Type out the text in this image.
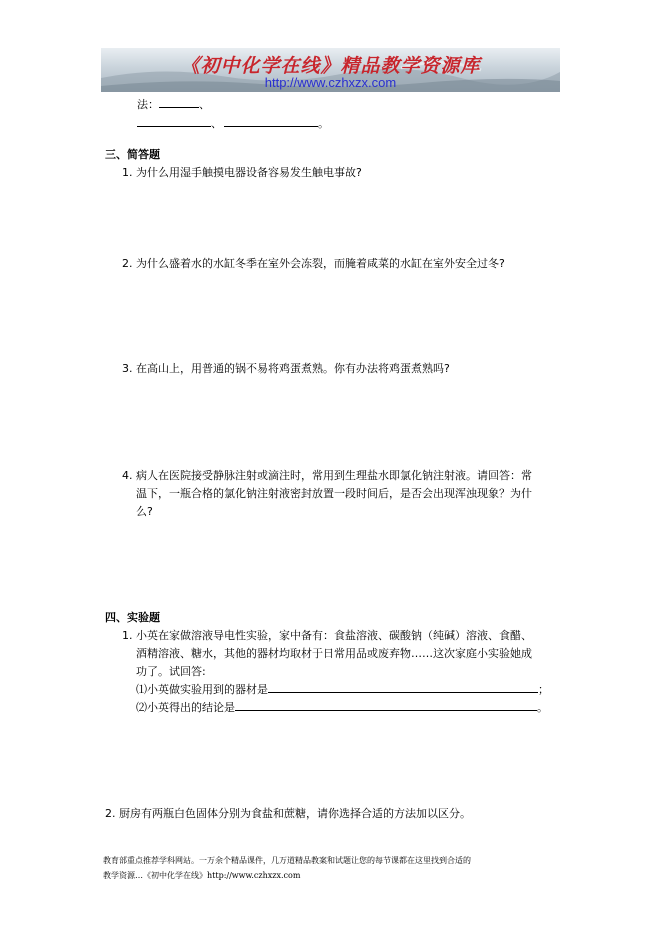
《初中化学在线》精品教学资源库
http://www.czhxzx.com
法：	、
、	。
三、简答题
1. 为什么用湿手触摸电器设备容易发生触电事故?
2. 为什么盛着水的水缸冬季在室外会冻裂，而腌着咸菜的水缸在室外安全过冬?
3. 在高山上，用普通的锅不易将鸡蛋煮熟。你有办法将鸡蛋煮熟吗?
4. 病人在医院接受静脉注射或滴注时，常用到生理盐水即氯化钠注射液。请回答：常
温下，一瓶合格的氯化钠注射液密封放置一段时间后，是否会出现浑浊现象？为什
么?
四、实验题
1. 小英在家做溶液导电性实验，家中备有：食盐溶液、碳酸钠（纯碱）溶液、食醋、
酒精溶液、糖水，其他的器材均取材于日常用品或废弃物……这次家庭小实验她成
功了。试回答:
⑴小英做实验用到的器材是	；
⑵小英得出的结论是	。
2. 厨房有两瓶白色固体分别为食盐和蔗糖，请你选择合适的方法加以区分。
教育部重点推荐学科网站。一万余个精品课件，几万道精品教案和试题让您的每节课都在这里找到合适的
教学资源…《初中化学在线》http://www.czhxzx.com
